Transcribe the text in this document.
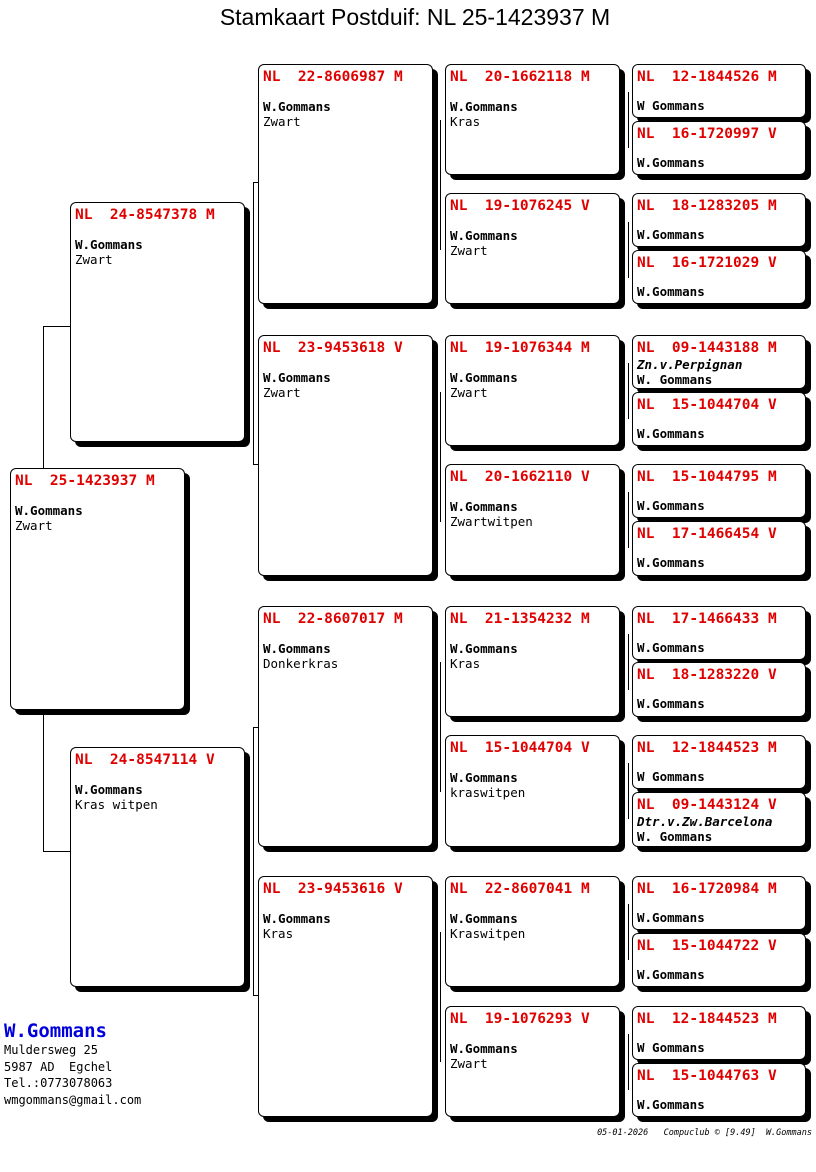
Stamkaart Postduif: NL 25-1423937 M
NL  25-1423937 M
W.Gommans
Zwart
NL  24-8547378 M
W.Gommans
Zwart
NL  24-8547114 V
W.Gommans
Kras witpen
NL  22-8606987 M
W.Gommans
Zwart
NL  23-9453618 V
W.Gommans
Zwart
NL  22-8607017 M
W.Gommans
Donkerkras
NL  23-9453616 V
W.Gommans
Kras
NL  20-1662118 M
W.Gommans
Kras
NL  19-1076245 V
W.Gommans
Zwart
NL  19-1076344 M
W.Gommans
Zwart
NL  20-1662110 V
W.Gommans
Zwartwitpen
NL  21-1354232 M
W.Gommans
Kras
NL  15-1044704 V
W.Gommans
kraswitpen
NL  22-8607041 M
W.Gommans
Kraswitpen
NL  19-1076293 V
W.Gommans
Zwart
NL  12-1844526 M
W Gommans
NL  16-1720997 V
W.Gommans
NL  18-1283205 M
W.Gommans
NL  16-1721029 V
W.Gommans
NL  09-1443188 M
Zn.v.Perpignan
W. Gommans
NL  15-1044704 V
W.Gommans
NL  15-1044795 M
W.Gommans
NL  17-1466454 V
W.Gommans
NL  17-1466433 M
W.Gommans
NL  18-1283220 V
W.Gommans
NL  12-1844523 M
W Gommans
NL  09-1443124 V
Dtr.v.Zw.Barcelona
W. Gommans
NL  16-1720984 M
W.Gommans
NL  15-1044722 V
W.Gommans
NL  12-1844523 M
W Gommans
NL  15-1044763 V
W.Gommans
W.Gommans
Muldersweg 25
5987 AD  Egchel
Tel.:0773078063
wmgommans@gmail.com
05-01-2026   Compuclub © [9.49]  W.Gommans
